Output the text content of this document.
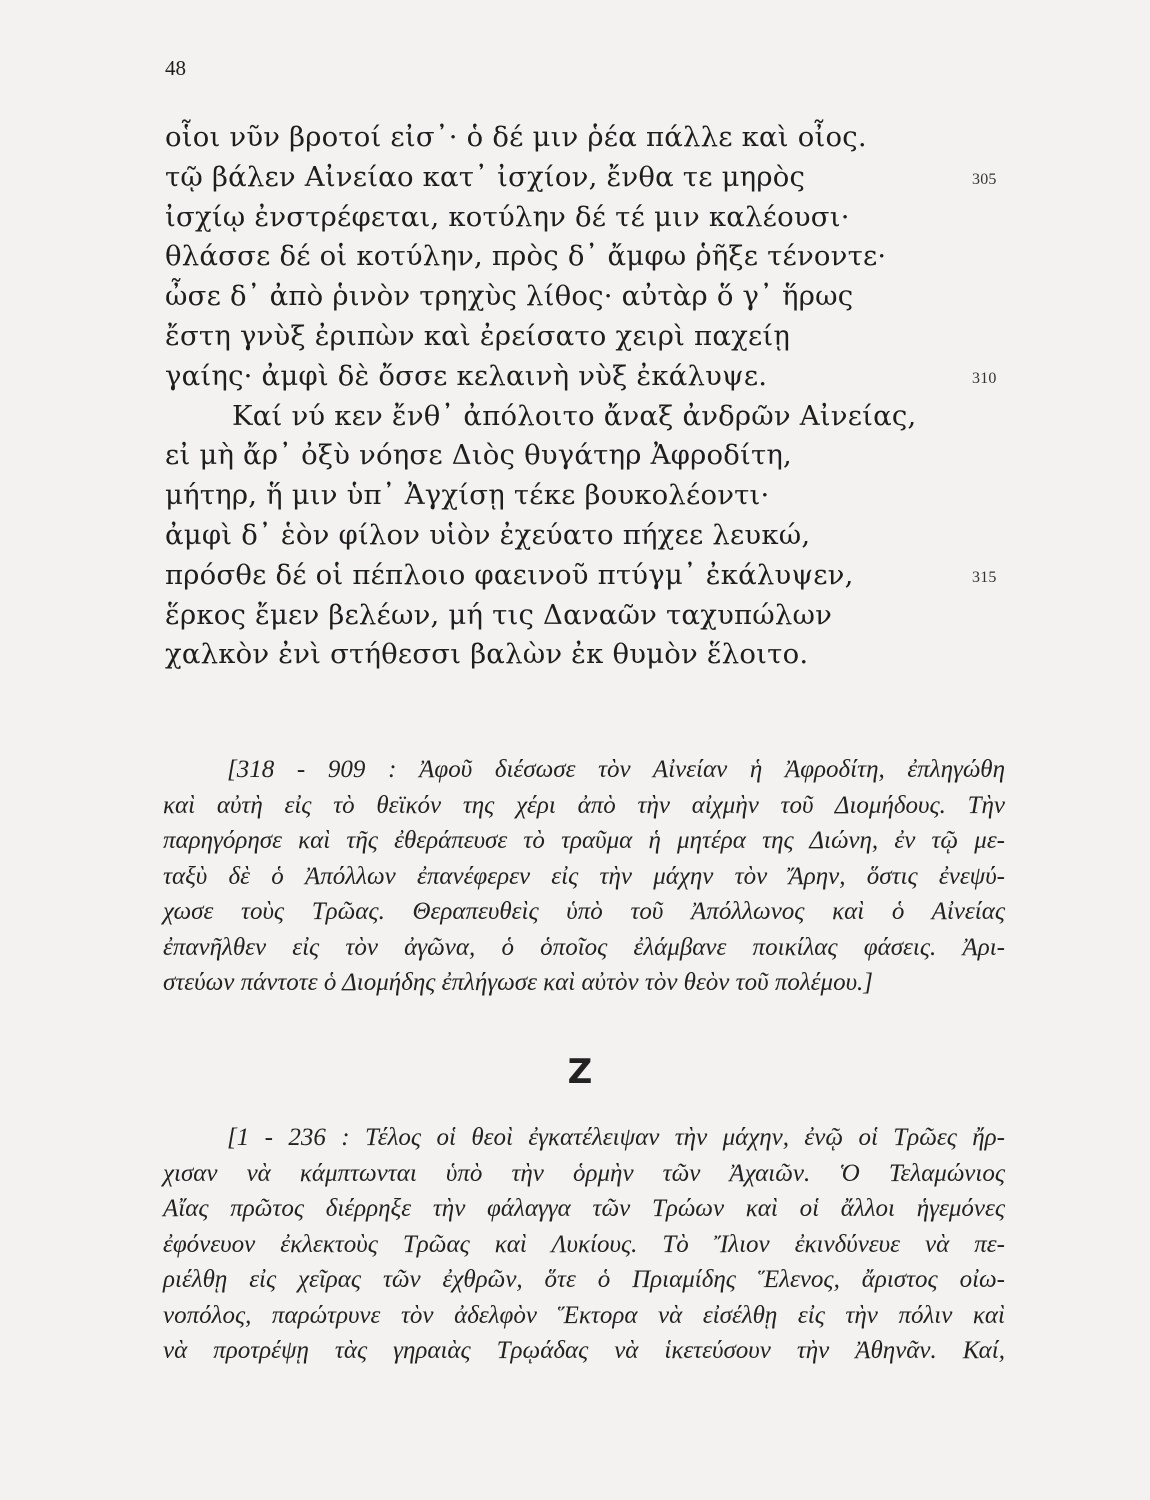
48
οἷοι νῦν βροτοί εἰσ᾽· ὁ δέ μιν ῥέα πάλλε καὶ οἶος.
τῷ βάλεν Αἰνείαο κατ᾽ ἰσχίον, ἔνθα τε μηρὸς	305
ἰσχίῳ ἐνστρέφεται, κοτύλην δέ τέ μιν καλέουσι·
θλάσσε δέ οἱ κοτύλην, πρὸς δ᾽ ἄμφω ῥῆξε τένοντε·
ὦσε δ᾽ ἀπὸ ῥινὸν τρηχὺς λίθος· αὐτὰρ ὅ γ᾽ ἥρως
ἔστη γνὺξ ἐριπὼν καὶ ἐρείσατο χειρὶ παχείῃ
γαίης· ἀμφὶ δὲ ὄσσε κελαινὴ νὺξ ἐκάλυψε.	310
Καί νύ κεν ἔνθ᾽ ἀπόλοιτο ἄναξ ἀνδρῶν Αἰνείας,
εἰ μὴ ἄρ᾽ ὀξὺ νόησε Διὸς θυγάτηρ Ἀφροδίτη,
μήτηρ, ἥ μιν ὑπ᾽ Ἀγχίσῃ τέκε βουκολέοντι·
ἀμφὶ δ᾽ ἑὸν φίλον υἱὸν ἐχεύατο πήχεε λευκώ,
πρόσθε δέ οἱ πέπλοιο φαεινοῦ πτύγμ᾽ ἐκάλυψεν,	315
ἕρκος ἔμεν βελέων, μή τις Δαναῶν ταχυπώλων
χαλκὸν ἐνὶ στήθεσσι βαλὼν ἐκ θυμὸν ἕλοιτο.
[318 - 909 : Ἀφοῦ διέσωσε τὸν Αἰνείαν ἡ Ἀφροδίτη, ἐπληγώθη
καὶ αὐτὴ εἰς τὸ θεϊκόν της χέρι ἀπὸ τὴν αἰχμὴν τοῦ Διομήδους. Τὴν
παρηγόρησε καὶ τῆς ἐθεράπευσε τὸ τραῦμα ἡ μητέρα της Διώνη, ἐν τῷ με-
ταξὺ δὲ ὁ Ἀπόλλων ἐπανέφερεν εἰς τὴν μάχην τὸν Ἄρην, ὅστις ἐνεψύ-
χωσε τοὺς Τρῶας. Θεραπευθεὶς ὑπὸ τοῦ Ἀπόλλωνος καὶ ὁ Αἰνείας
ἐπανῆλθεν εἰς τὸν ἀγῶνα, ὁ ὁποῖος ἐλάμβανε ποικίλας φάσεις. Ἀρι-
στεύων πάντοτε ὁ Διομήδης ἐπλήγωσε καὶ αὐτὸν τὸν θεὸν τοῦ πολέμου.]
Ζ
[1 - 236 : Τέλος οἱ θεοὶ ἐγκατέλειψαν τὴν μάχην, ἐνῷ οἱ Τρῶες ἤρ-
χισαν νὰ κάμπτωνται ὑπὸ τὴν ὁρμὴν τῶν Ἀχαιῶν. Ὁ Τελαμώνιος
Αἴας πρῶτος διέρρηξε τὴν φάλαγγα τῶν Τρώων καὶ οἱ ἄλλοι ἡγεμόνες
ἐφόνευον ἐκλεκτοὺς Τρῶας καὶ Λυκίους. Τὸ Ἴλιον ἐκινδύνευε νὰ πε-
ριέλθῃ εἰς χεῖρας τῶν ἐχθρῶν, ὅτε ὁ Πριαμίδης Ἕλενος, ἄριστος οἰω-
νοπόλος, παρώτρυνε τὸν ἀδελφὸν Ἕκτορα νὰ εἰσέλθῃ εἰς τὴν πόλιν καὶ
νὰ προτρέψῃ τὰς γηραιὰς Τρῳάδας νὰ ἱκετεύσουν τὴν Ἀθηνᾶν. Καί,
